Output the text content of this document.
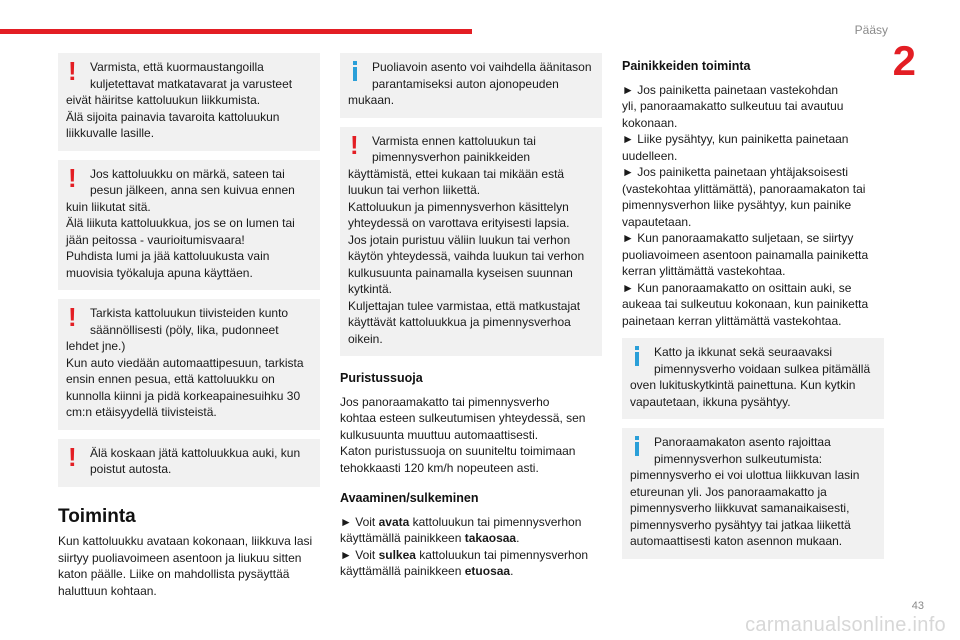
Pääsy
2
!	Varmista, että kuormaustangoilla
kuljetettavat matkatavarat ja varusteet
eivät häiritse kattoluukun liikkumista.
Älä sijoita painavia tavaroita kattoluukun
liikkuvalle lasille.
!	Jos kattoluukku on märkä, sateen tai
pesun jälkeen, anna sen kuivua ennen
kuin liikutat sitä.
Älä liikuta kattoluukkua, jos se on lumen tai
jään peitossa - vaurioitumisvaara!
Puhdista lumi ja jää kattoluukusta vain
muovisia työkaluja apuna käyttäen.
!	Tarkista kattoluukun tiivisteiden kunto
säännöllisesti (pöly, lika, pudonneet
lehdet jne.)
Kun auto viedään automaattipesuun, tarkista
ensin ennen pesua, että kattoluukku on
kunnolla kiinni ja pidä korkeapainesuihku 30
cm:n etäisyydellä tiivisteistä.
!	Älä koskaan jätä kattoluukkua auki, kun
poistut autosta.
Toiminta
Kun kattoluukku avataan kokonaan, liikkuva lasi
siirtyy puoliavoimeen asentoon ja liukuu sitten
katon päälle. Liike on mahdollista pysäyttää
haluttuun kohtaan.
Puoliavoin asento voi vaihdella äänitason
parantamiseksi auton ajonopeuden
mukaan.
!	Varmista ennen kattoluukun tai
pimennysverhon painikkeiden
käyttämistä, ettei kukaan tai mikään estä
luukun tai verhon liikettä.
Kattoluukun ja pimennysverhon käsittelyn
yhteydessä on varottava erityisesti lapsia.
Jos jotain puristuu väliin luukun tai verhon
käytön yhteydessä, vaihda luukun tai verhon
kulkusuunta painamalla kyseisen suunnan
kytkintä.
Kuljettajan tulee varmistaa, että matkustajat
käyttävät kattoluukkua ja pimennysverhoa
oikein.
Puristussuoja
Jos panoraamakatto tai pimennysverho
kohtaa esteen sulkeutumisen yhteydessä, sen
kulkusuunta muuttuu automaattisesti.
Katon puristussuoja on suuniteltu toimimaan
tehokkaasti 120 km/h nopeuteen asti.
Avaaminen/sulkeminen
► Voit avata kattoluukun tai pimennysverhon
käyttämällä painikkeen takaosaa.
► Voit sulkea kattoluukun tai pimennysverhon
käyttämällä painikkeen etuosaa.
Painikkeiden toiminta
► Jos painiketta painetaan vastekohdan
yli, panoraamakatto sulkeutuu tai avautuu
kokonaan.
► Liike pysähtyy, kun painiketta painetaan
uudelleen.
► Jos painiketta painetaan yhtäjaksoisesti
(vastekohtaa ylittämättä), panoraamakaton tai
pimennysverhon liike pysähtyy, kun painike
vapautetaan.
► Kun panoraamakatto suljetaan, se siirtyy
puoliavoimeen asentoon painamalla painiketta
kerran ylittämättä vastekohtaa.
► Kun panoraamakatto on osittain auki, se
aukeaa tai sulkeutuu kokonaan, kun painiketta
painetaan kerran ylittämättä vastekohtaa.
Katto ja ikkunat sekä seuraavaksi
pimennysverho voidaan sulkea pitämällä
oven lukituskytkintä painettuna. Kun kytkin
vapautetaan, ikkuna pysähtyy.
Panoraamakaton asento rajoittaa
pimennysverhon sulkeutumista:
pimennysverho ei voi ulottua liikkuvan lasin
etureunan yli. Jos panoraamakatto ja
pimennysverho liikkuvat samanaikaisesti,
pimennysverho pysähtyy tai jatkaa liikettä
automaattisesti katon asennon mukaan.
43
carmanualsonline.info
